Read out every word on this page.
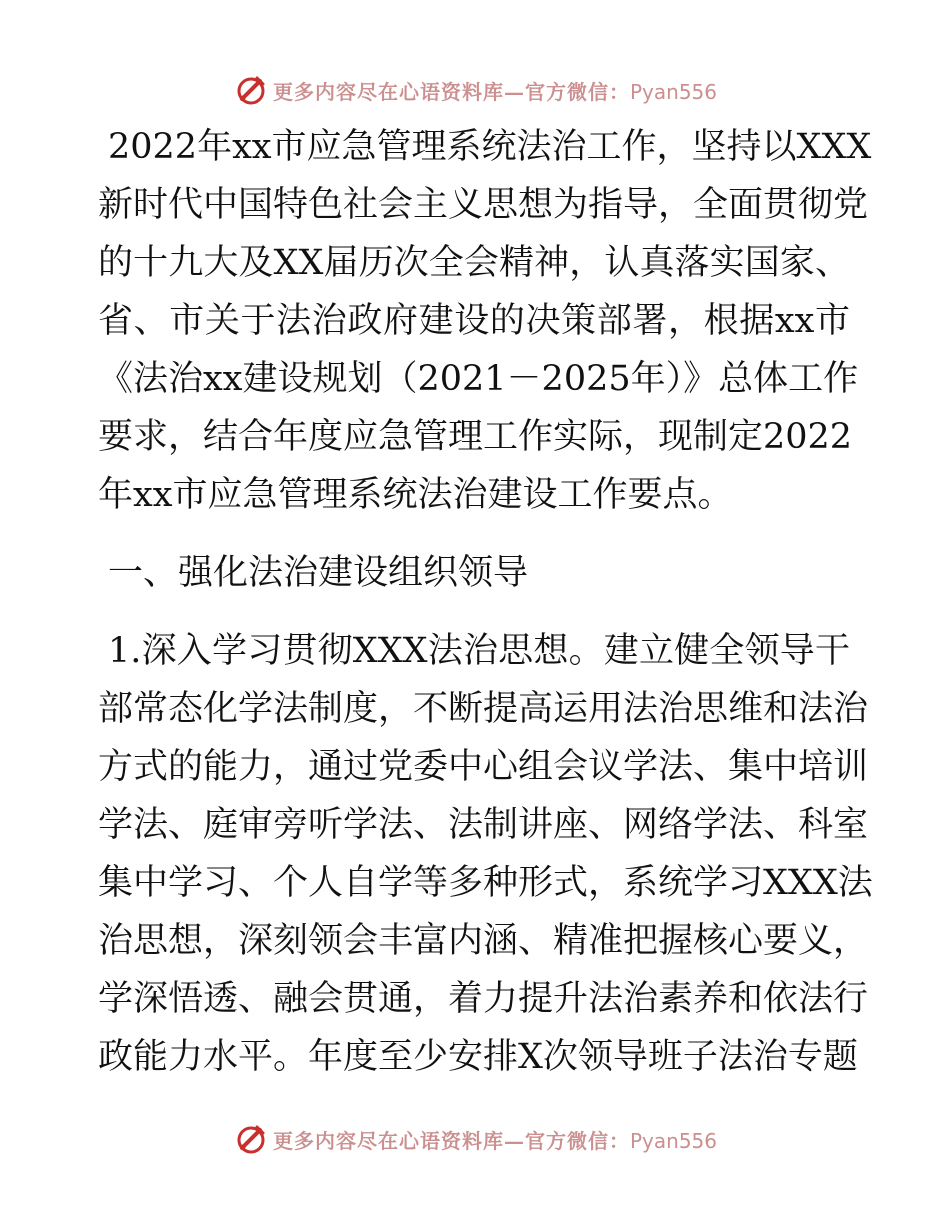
更多内容尽在心语资料库—官方微信：Pyan556
2022年xx市应急管理系统法治工作，坚持以XXX
新时代中国特色社会主义思想为指导，全面贯彻党
的十九大及XX届历次全会精神，认真落实国家、
省、市关于法治政府建设的决策部署，根据xx市
《法治xx建设规划（2021－2025年）》总体工作
要求，结合年度应急管理工作实际，现制定2022
年xx市应急管理系统法治建设工作要点。
一、强化法治建设组织领导
1.深入学习贯彻XXX法治思想。建立健全领导干
部常态化学法制度，不断提高运用法治思维和法治
方式的能力，通过党委中心组会议学法、集中培训
学法、庭审旁听学法、法制讲座、网络学法、科室
集中学习、个人自学等多种形式，系统学习XXX法
治思想，深刻领会丰富内涵、精准把握核心要义，
学深悟透、融会贯通，着力提升法治素养和依法行
政能力水平。年度至少安排X次领导班子法治专题
更多内容尽在心语资料库—官方微信：Pyan556
